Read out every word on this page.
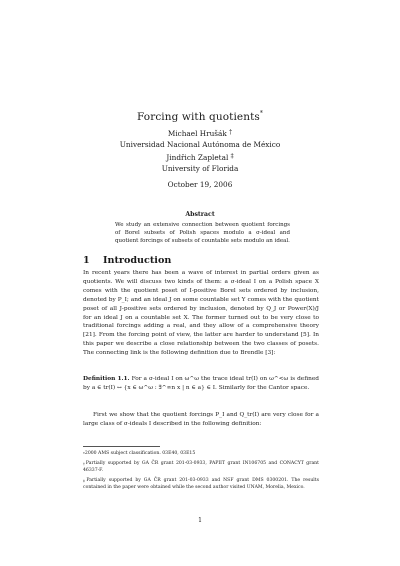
Forcing with quotients*
Michael Hrušák †
Universidad Nacional Autónoma de México
Jindřich Zapletal ‡
University of Florida
October 19, 2006
Abstract
We study an extensive connection between quotient forcings of Borel subsets of Polish spaces modulo a σ-ideal and quotient forcings of subsets of countable sets modulo an ideal.
1 Introduction
In recent years there has been a wave of interest in partial orders given as quotients. We will discuss two kinds of them: a σ-ideal I on a Polish space X comes with the quotient poset of I-positive Borel sets ordered by inclusion, denoted by P_I; and an ideal J on some countable set Y comes with the quotient poset of all J-positive sets ordered by inclusion, denoted by Q_J or Power(X)/J for an ideal J on a countable set X. The former turned out to be very close to traditional forcings adding a real, and they allow of a comprehensive theory [21]. From the forcing point of view, the latter are harder to understand [5]. In this paper we describe a close relationship between the two classes of posets. The connecting link is the following definition due to Brendle [3]:
Definition 1.1. For a σ-ideal I on ω^ω the trace ideal tr(I) on ω^<ω is defined by a ∈ tr(I) ↔ {x ∈ ω^ω : ∃^∞n x | n ∈ a} ∈ I. Similarly for the Cantor space.
First we show that the quotient forcings P_I and Q_tr(I) are very close for a large class of σ-ideals I described in the following definition:
*2000 AMS subject classification. 03E40, 03E15
†Partially supported by GA ČR grant 201-03-0933, PAPIIT grant IN106705 and CONACYT grant 46337-F.
‡Partially supported by GA ČR grant 201-03-0933 and NSF grant DMS 0300201. The results contained in the paper were obtained while the second author visited UNAM, Morelia, Mexico.
1
